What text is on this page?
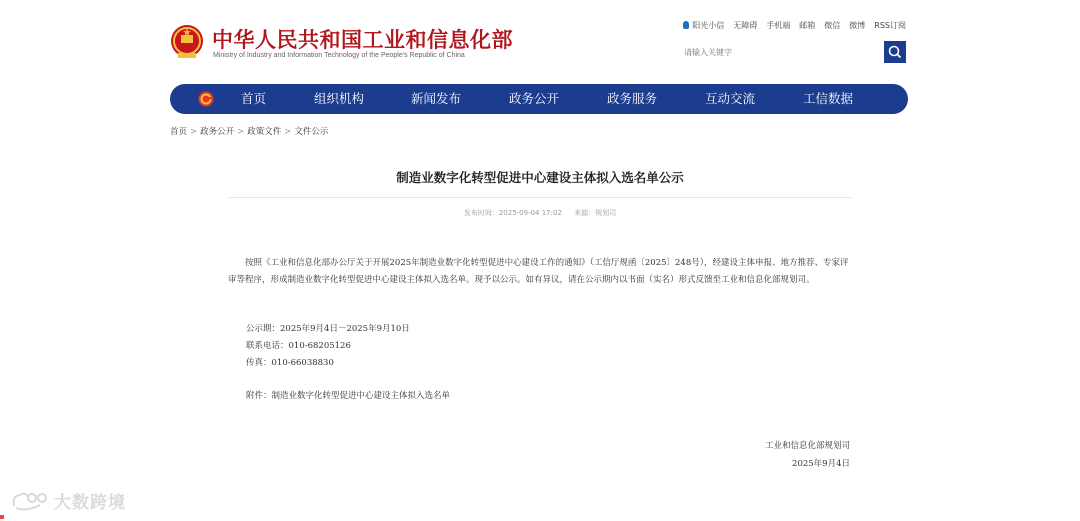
中华人民共和国工业和信息化部
Ministry of Industry and Information Technology of the People's Republic of China
阳光小信 无障碍 手机端 邮箱 微信 微博 RSS订阅
请输入关键字
首页	组织机构	新闻发布	政务公开	政务服务	互动交流	工信数据
首页 > 政务公开 > 政策文件 > 文件公示
制造业数字化转型促进中心建设主体拟入选名单公示
发布时间：2025-09-04 17:02 来源：规划司
按照《工业和信息化部办公厅关于开展2025年制造业数字化转型促进中心建设工作的通知》（工信厅规函〔2025〕248号），经建设主体申报、地方推荐、专家评审等程序，形成制造业数字化转型促进中心建设主体拟入选名单。现予以公示。如有异议，请在公示期内以书面（实名）形式反馈至工业和信息化部规划司。
公示期：2025年9月4日－2025年9月10日
联系电话：010-68205126
传真：010-66038830
附件：制造业数字化转型促进中心建设主体拟入选名单
工业和信息化部规划司
2025年9月4日
大数跨境
